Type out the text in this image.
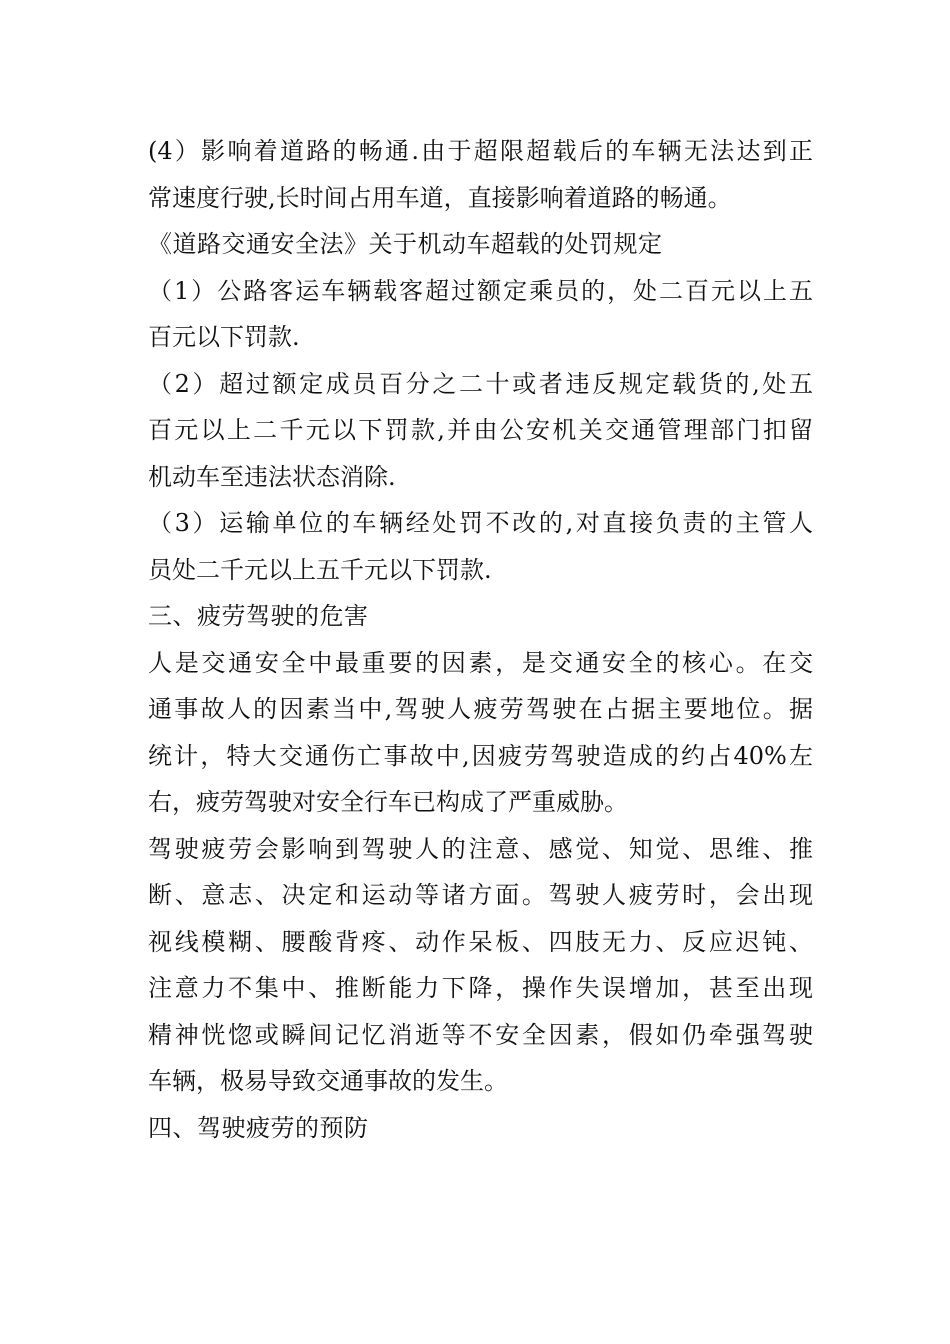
(4）影响着道路的畅通.由于超限超载后的车辆无法达到正
常速度行驶,长时间占用车道，直接影响着道路的畅通。
《道路交通安全法》关于机动车超载的处罚规定
（1）公路客运车辆载客超过额定乘员的，处二百元以上五
百元以下罚款.
（2）超过额定成员百分之二十或者违反规定载货的,处五
百元以上二千元以下罚款,并由公安机关交通管理部门扣留
机动车至违法状态消除.
（3）运输单位的车辆经处罚不改的,对直接负责的主管人
员处二千元以上五千元以下罚款.
三、疲劳驾驶的危害
人是交通安全中最重要的因素，是交通安全的核心。在交
通事故人的因素当中,驾驶人疲劳驾驶在占据主要地位。据
统计，特大交通伤亡事故中,因疲劳驾驶造成的约占40%左
右，疲劳驾驶对安全行车已构成了严重威胁。
驾驶疲劳会影响到驾驶人的注意、感觉、知觉、思维、推
断、意志、决定和运动等诸方面。驾驶人疲劳时，会出现
视线模糊、腰酸背疼、动作呆板、四肢无力、反应迟钝、
注意力不集中、推断能力下降，操作失误增加，甚至出现
精神恍惚或瞬间记忆消逝等不安全因素，假如仍牵强驾驶
车辆，极易导致交通事故的发生。
四、驾驶疲劳的预防
